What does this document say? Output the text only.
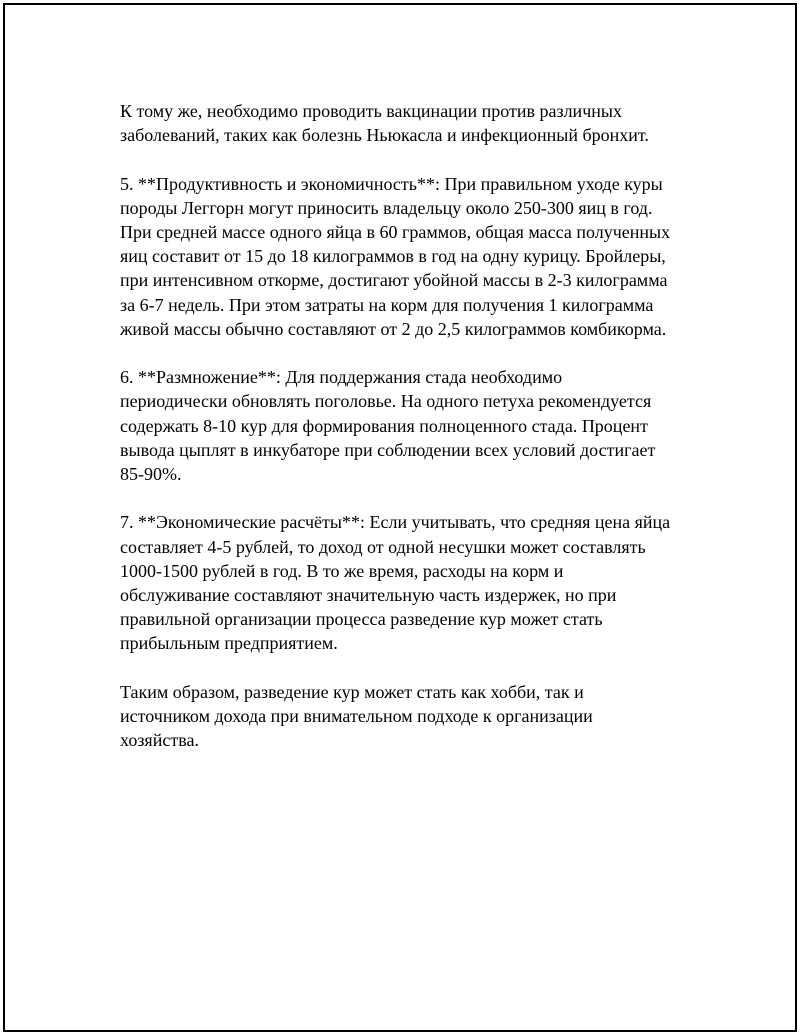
К тому же, необходимо проводить вакцинации против различных
заболеваний, таких как болезнь Ньюкасла и инфекционный бронхит.

5. **Продуктивность и экономичность**: При правильном уходе куры
породы Леггорн могут приносить владельцу около 250-300 яиц в год.
При средней массе одного яйца в 60 граммов, общая масса полученных
яиц составит от 15 до 18 килограммов в год на одну курицу. Бройлеры,
при интенсивном откорме, достигают убойной массы в 2-3 килограмма
за 6-7 недель. При этом затраты на корм для получения 1 килограмма
живой массы обычно составляют от 2 до 2,5 килограммов комбикорма.

6. **Размножение**: Для поддержания стада необходимо
периодически обновлять поголовье. На одного петуха рекомендуется
содержать 8-10 кур для формирования полноценного стада. Процент
вывода цыплят в инкубаторе при соблюдении всех условий достигает
85-90%.

7. **Экономические расчёты**: Если учитывать, что средняя цена яйца
составляет 4-5 рублей, то доход от одной несушки может составлять
1000-1500 рублей в год. В то же время, расходы на корм и
обслуживание составляют значительную часть издержек, но при
правильной организации процесса разведение кур может стать
прибыльным предприятием.

Таким образом, разведение кур может стать как хобби, так и
источником дохода при внимательном подходе к организации
хозяйства.
